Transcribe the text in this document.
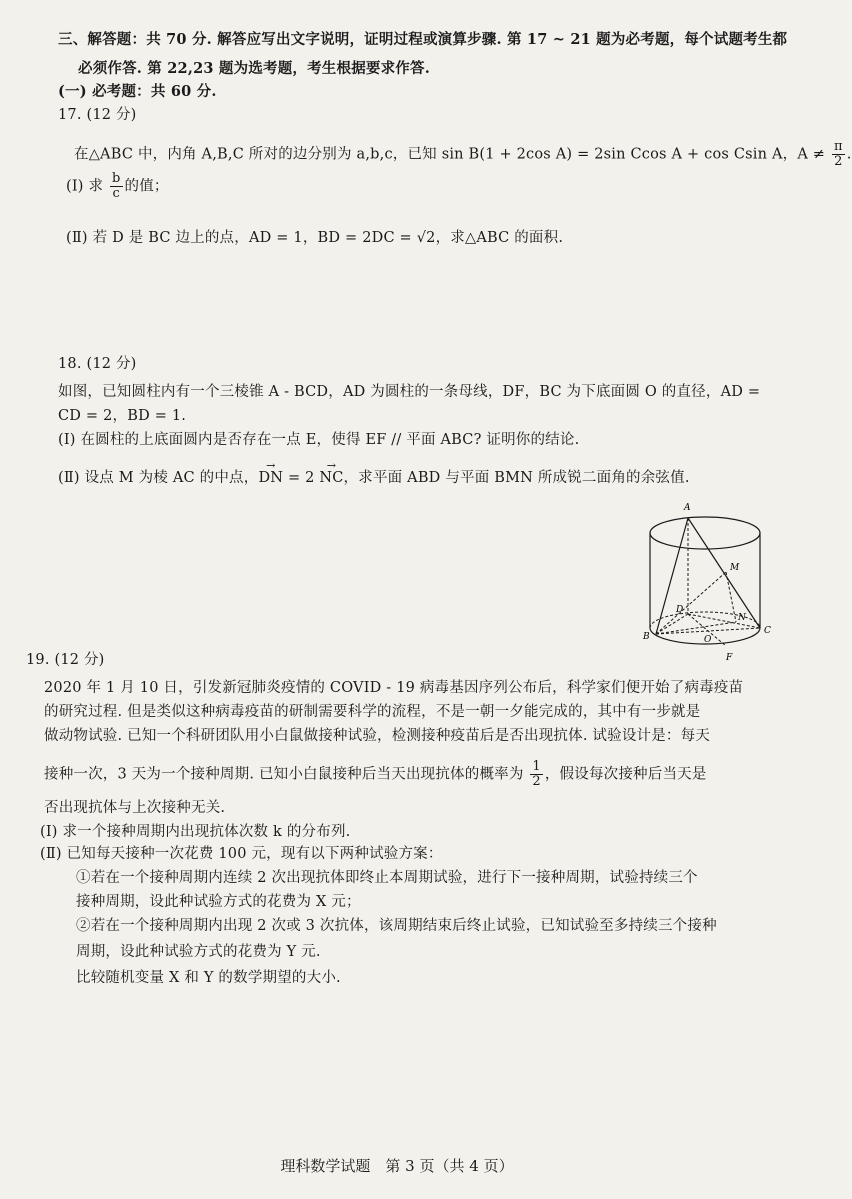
三、解答题：共 70 分. 解答应写出文字说明，证明过程或演算步骤. 第 17 ~ 21 题为必考题，每个试题考生都
必须作答. 第 22,23 题为选考题，考生根据要求作答.
(一) 必考题：共 60 分.
17. (12 分)
在△ABC 中，内角 A,B,C 所对的边分别为 a,b,c，已知 sin B(1 + 2cos A) = 2sin Ccos A + cos Csin A，$A \ne \frac{\pi}{2}$ .
(Ⅰ) 求 $\frac{b}{c}$ 的值；
(Ⅱ) 若 D 是 BC 边上的点，AD = 1，BD = 2DC = √2，求△ABC 的面积.
18. (12 分)
如图，已知圆柱内有一个三棱锥 A - BCD，AD 为圆柱的一条母线，DF，BC 为下底面圆 O 的直径，AD =
CD = 2，BD = 1.
(Ⅰ) 在圆柱的上底面圆内是否存在一点 E，使得 EF // 平面 ABC? 证明你的结论.
(Ⅱ) 设点 M 为棱 AC 的中点，→ DN = 2 → NC，求平面 ABD 与平面 BMN 所成锐二面角的余弦值.
A
M
D
N
B	O
C
F
19. (12 分)
2020 年 1 月 10 日，引发新冠肺炎疫情的 COVID - 19 病毒基因序列公布后，科学家们便开始了病毒疫苗
的研究过程. 但是类似这种病毒疫苗的研制需要科学的流程，不是一朝一夕能完成的，其中有一步就是
做动物试验. 已知一个科研团队用小白鼠做接种试验，检测接种疫苗后是否出现抗体. 试验设计是：每天
接种一次，3 天为一个接种周期. 已知小白鼠接种后当天出现抗体的概率为 $\frac{1}{2}$ ，假设每次接种后当天是
否出现抗体与上次接种无关.
(Ⅰ) 求一个接种周期内出现抗体次数 k 的分布列.
(Ⅱ) 已知每天接种一次花费 100 元，现有以下两种试验方案：
①若在一个接种周期内连续 2 次出现抗体即终止本周期试验，进行下一接种周期，试验持续三个
接种周期，设此种试验方式的花费为 X 元；
②若在一个接种周期内出现 2 次或 3 次抗体，该周期结束后终止试验，已知试验至多持续三个接种
周期，设此种试验方式的花费为 Y 元.
比较随机变量 X 和 Y 的数学期望的大小.
理科数学试题　第 3 页（共 4 页）
